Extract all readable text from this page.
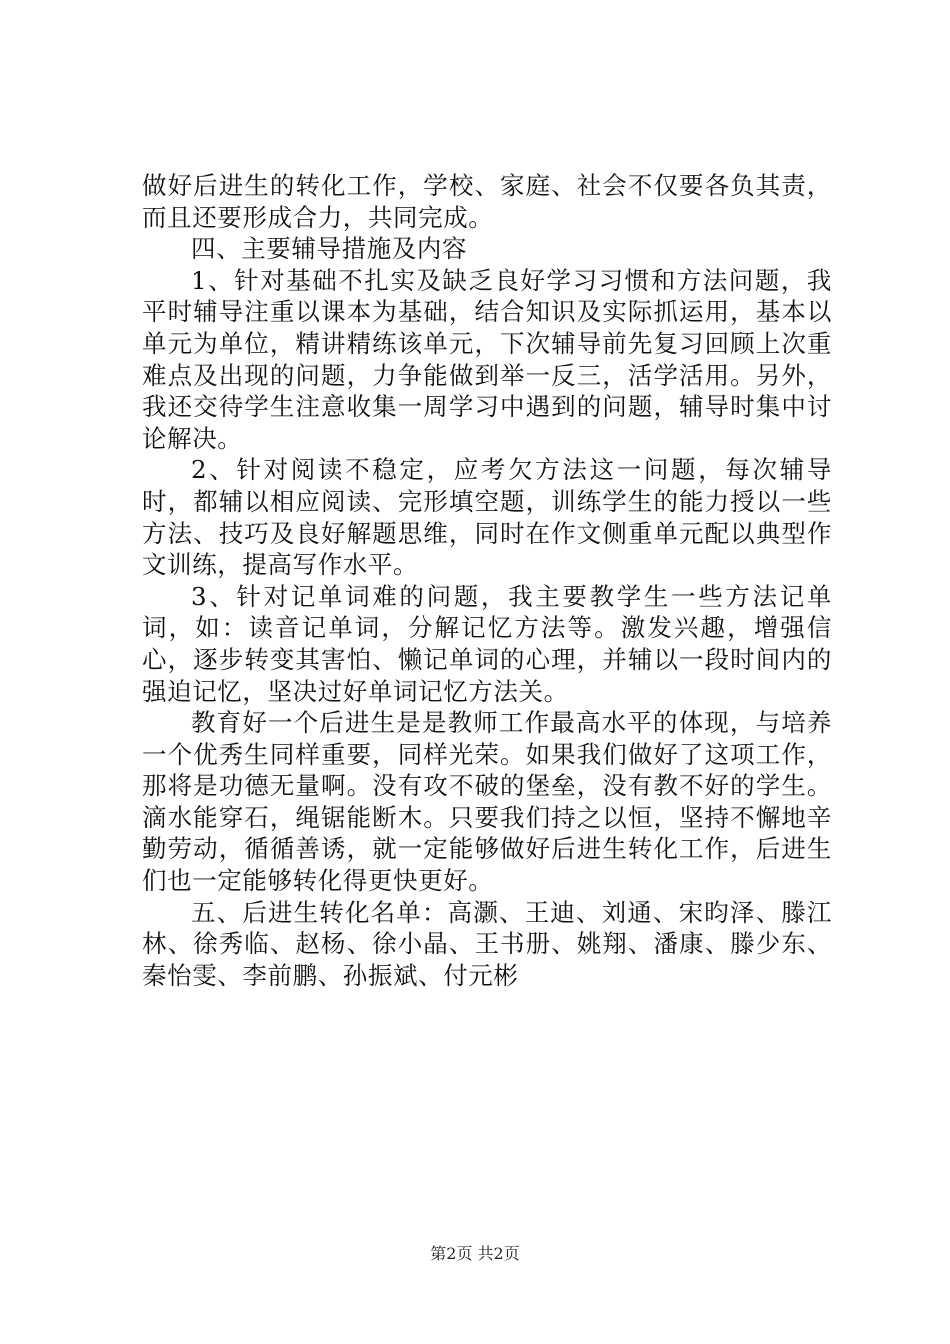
做好后进生的转化工作，学校、家庭、社会不仅要各负其责，而且还要形成合力，共同完成。

四、主要辅导措施及内容

1、针对基础不扎实及缺乏良好学习习惯和方法问题，我平时辅导注重以课本为基础，结合知识及实际抓运用，基本以单元为单位，精讲精练该单元，下次辅导前先复习回顾上次重难点及出现的问题，力争能做到举一反三，活学活用。另外，我还交待学生注意收集一周学习中遇到的问题，辅导时集中讨论解决。

2、针对阅读不稳定，应考欠方法这一问题，每次辅导时，都辅以相应阅读、完形填空题，训练学生的能力授以一些方法、技巧及良好解题思维，同时在作文侧重单元配以典型作文训练，提高写作水平。

3、针对记单词难的问题，我主要教学生一些方法记单词，如：读音记单词，分解记忆方法等。激发兴趣，增强信心，逐步转变其害怕、懒记单词的心理，并辅以一段时间内的强迫记忆，坚决过好单词记忆方法关。

教育好一个后进生是是教师工作最高水平的体现，与培养一个优秀生同样重要，同样光荣。如果我们做好了这项工作，那将是功德无量啊。没有攻不破的堡垒，没有教不好的学生。滴水能穿石，绳锯能断木。只要我们持之以恒，坚持不懈地辛勤劳动，循循善诱，就一定能够做好后进生转化工作，后进生们也一定能够转化得更快更好。

五、后进生转化名单：高灏、王迪、刘通、宋昀泽、滕江林、徐秀临、赵杨、徐小晶、王书册、姚翔、潘康、滕少东、秦怡雯、李前鹏、孙振斌、付元彬

第2页 共2页
